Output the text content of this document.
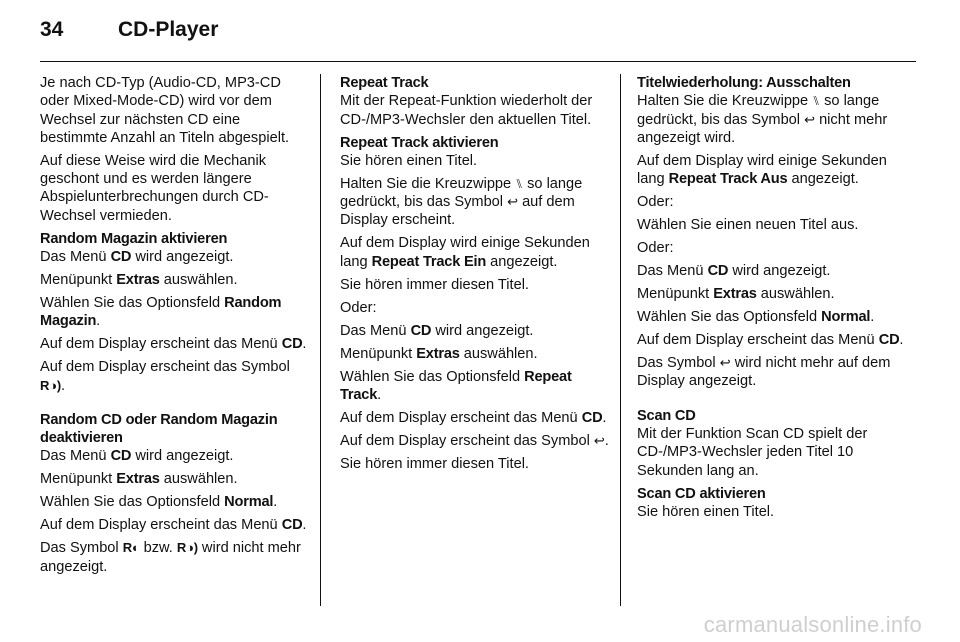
34	CD-Player

Je nach CD-Typ (Audio-CD, MP3-CD oder Mixed-Mode-CD) wird vor dem Wechsel zur nächsten CD eine bestimmte Anzahl an Titeln abgespielt.

Auf diese Weise wird die Mechanik geschont und es werden längere Abspielunterbrechungen durch CD-Wechsel vermieden.

Random Magazin aktivieren

Das Menü CD wird angezeigt.

Menüpunkt Extras auswählen.

Wählen Sie das Optionsfeld Random Magazin.

Auf dem Display erscheint das Menü CD.

Auf dem Display erscheint das Symbol R◑).

Random CD oder Random Magazin deaktivieren

Das Menü CD wird angezeigt.

Menüpunkt Extras auswählen.

Wählen Sie das Optionsfeld Normal.

Auf dem Display erscheint das Menü CD.

Das Symbol R◐ bzw. R◑) wird nicht mehr angezeigt.

Repeat Track

Mit der Repeat-Funktion wiederholt der CD-/MP3-Wechsler den aktuellen Titel.

Repeat Track aktivieren

Sie hören einen Titel.

Halten Sie die Kreuzwippe ⑊ so lange gedrückt, bis das Symbol ↩ auf dem Display erscheint.

Auf dem Display wird einige Sekunden lang Repeat Track Ein angezeigt.

Sie hören immer diesen Titel.

Oder:

Das Menü CD wird angezeigt.

Menüpunkt Extras auswählen.

Wählen Sie das Optionsfeld Repeat Track.

Auf dem Display erscheint das Menü CD.

Auf dem Display erscheint das Symbol ↩.

Sie hören immer diesen Titel.

Titelwiederholung: Ausschalten

Halten Sie die Kreuzwippe ⑊ so lange gedrückt, bis das Symbol ↩ nicht mehr angezeigt wird.

Auf dem Display wird einige Sekunden lang Repeat Track Aus angezeigt.

Oder:

Wählen Sie einen neuen Titel aus.

Oder:

Das Menü CD wird angezeigt.

Menüpunkt Extras auswählen.

Wählen Sie das Optionsfeld Normal.

Auf dem Display erscheint das Menü CD.

Das Symbol ↩ wird nicht mehr auf dem Display angezeigt.

Scan CD

Mit der Funktion Scan CD spielt der CD-/MP3-Wechsler jeden Titel 10 Sekunden lang an.

Scan CD aktivieren

Sie hören einen Titel.

carmanualsonline.info
